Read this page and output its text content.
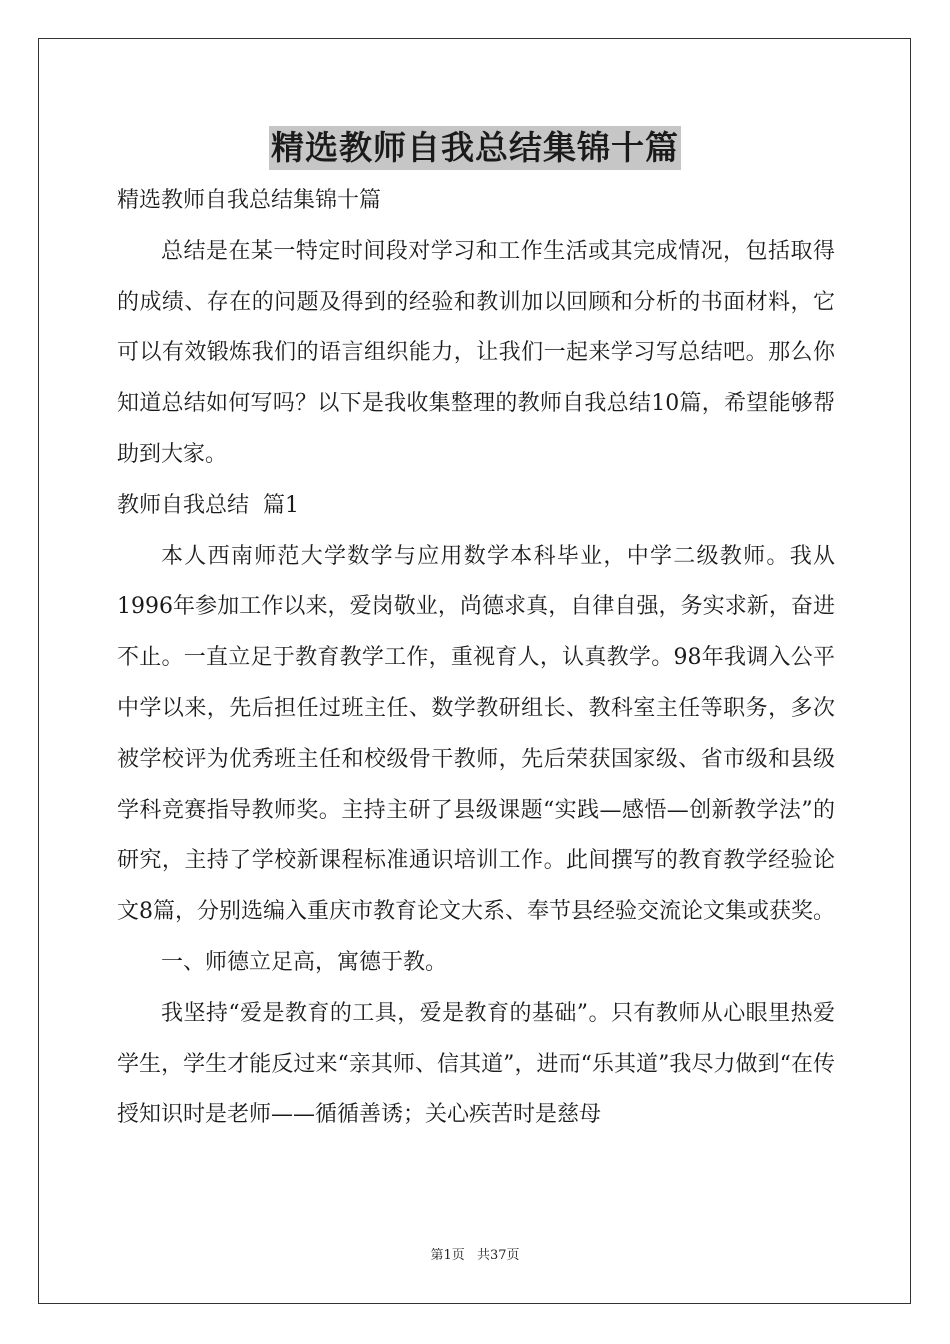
精选教师自我总结集锦十篇

精选教师自我总结集锦十篇

总结是在某一特定时间段对学习和工作生活或其完成情况，包括取得的成绩、存在的问题及得到的经验和教训加以回顾和分析的书面材料，它可以有效锻炼我们的语言组织能力，让我们一起来学习写总结吧。那么你知道总结如何写吗？以下是我收集整理的教师自我总结10篇，希望能够帮助到大家。

教师自我总结  篇1

本人西南师范大学数学与应用数学本科毕业，中学二级教师。我从1996年参加工作以来，爱岗敬业，尚德求真，自律自强，务实求新，奋进不止。一直立足于教育教学工作，重视育人，认真教学。98年我调入公平中学以来，先后担任过班主任、数学教研组长、教科室主任等职务，多次被学校评为优秀班主任和校级骨干教师，先后荣获国家级、省市级和县级学科竞赛指导教师奖。主持主研了县级课题“实践—感悟—创新教学法”的研究，主持了学校新课程标准通识培训工作。此间撰写的教育教学经验论文8篇，分别选编入重庆市教育论文大系、奉节县经验交流论文集或获奖。

一、师德立足高，寓德于教。

我坚持“爱是教育的工具，爱是教育的基础”。只有教师从心眼里热爱学生，学生才能反过来“亲其师、信其道”，进而“乐其道”我尽力做到“在传授知识时是老师——循循善诱；关心疾苦时是慈母

第1页 共37页
